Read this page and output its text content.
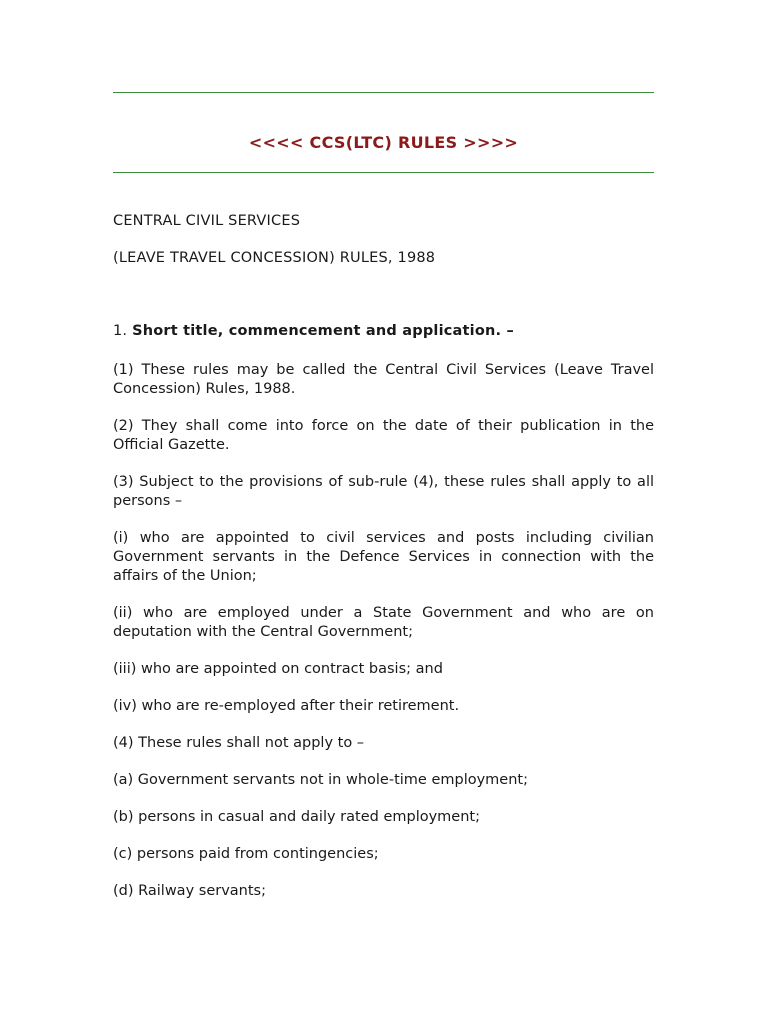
<<<< CCS(LTC) RULES >>>>
CENTRAL CIVIL SERVICES
(LEAVE TRAVEL CONCESSION) RULES, 1988
1. Short title, commencement and application. –

(1) These rules may be called the Central Civil Services (Leave Travel Concession) Rules, 1988.

(2) They shall come into force on the date of their publication in the Official Gazette.

(3) Subject to the provisions of sub-rule (4), these rules shall apply to all persons –

(i) who are appointed to civil services and posts including civilian Government servants in the Defence Services in connection with the affairs of the Union;

(ii) who are employed under a State Government and who are on deputation with the Central Government;

(iii) who are appointed on contract basis; and

(iv) who are re-employed after their retirement.

(4) These rules shall not apply to –

(a) Government servants not in whole-time employment;

(b) persons in casual and daily rated employment;

(c) persons paid from contingencies;

(d) Railway servants;
